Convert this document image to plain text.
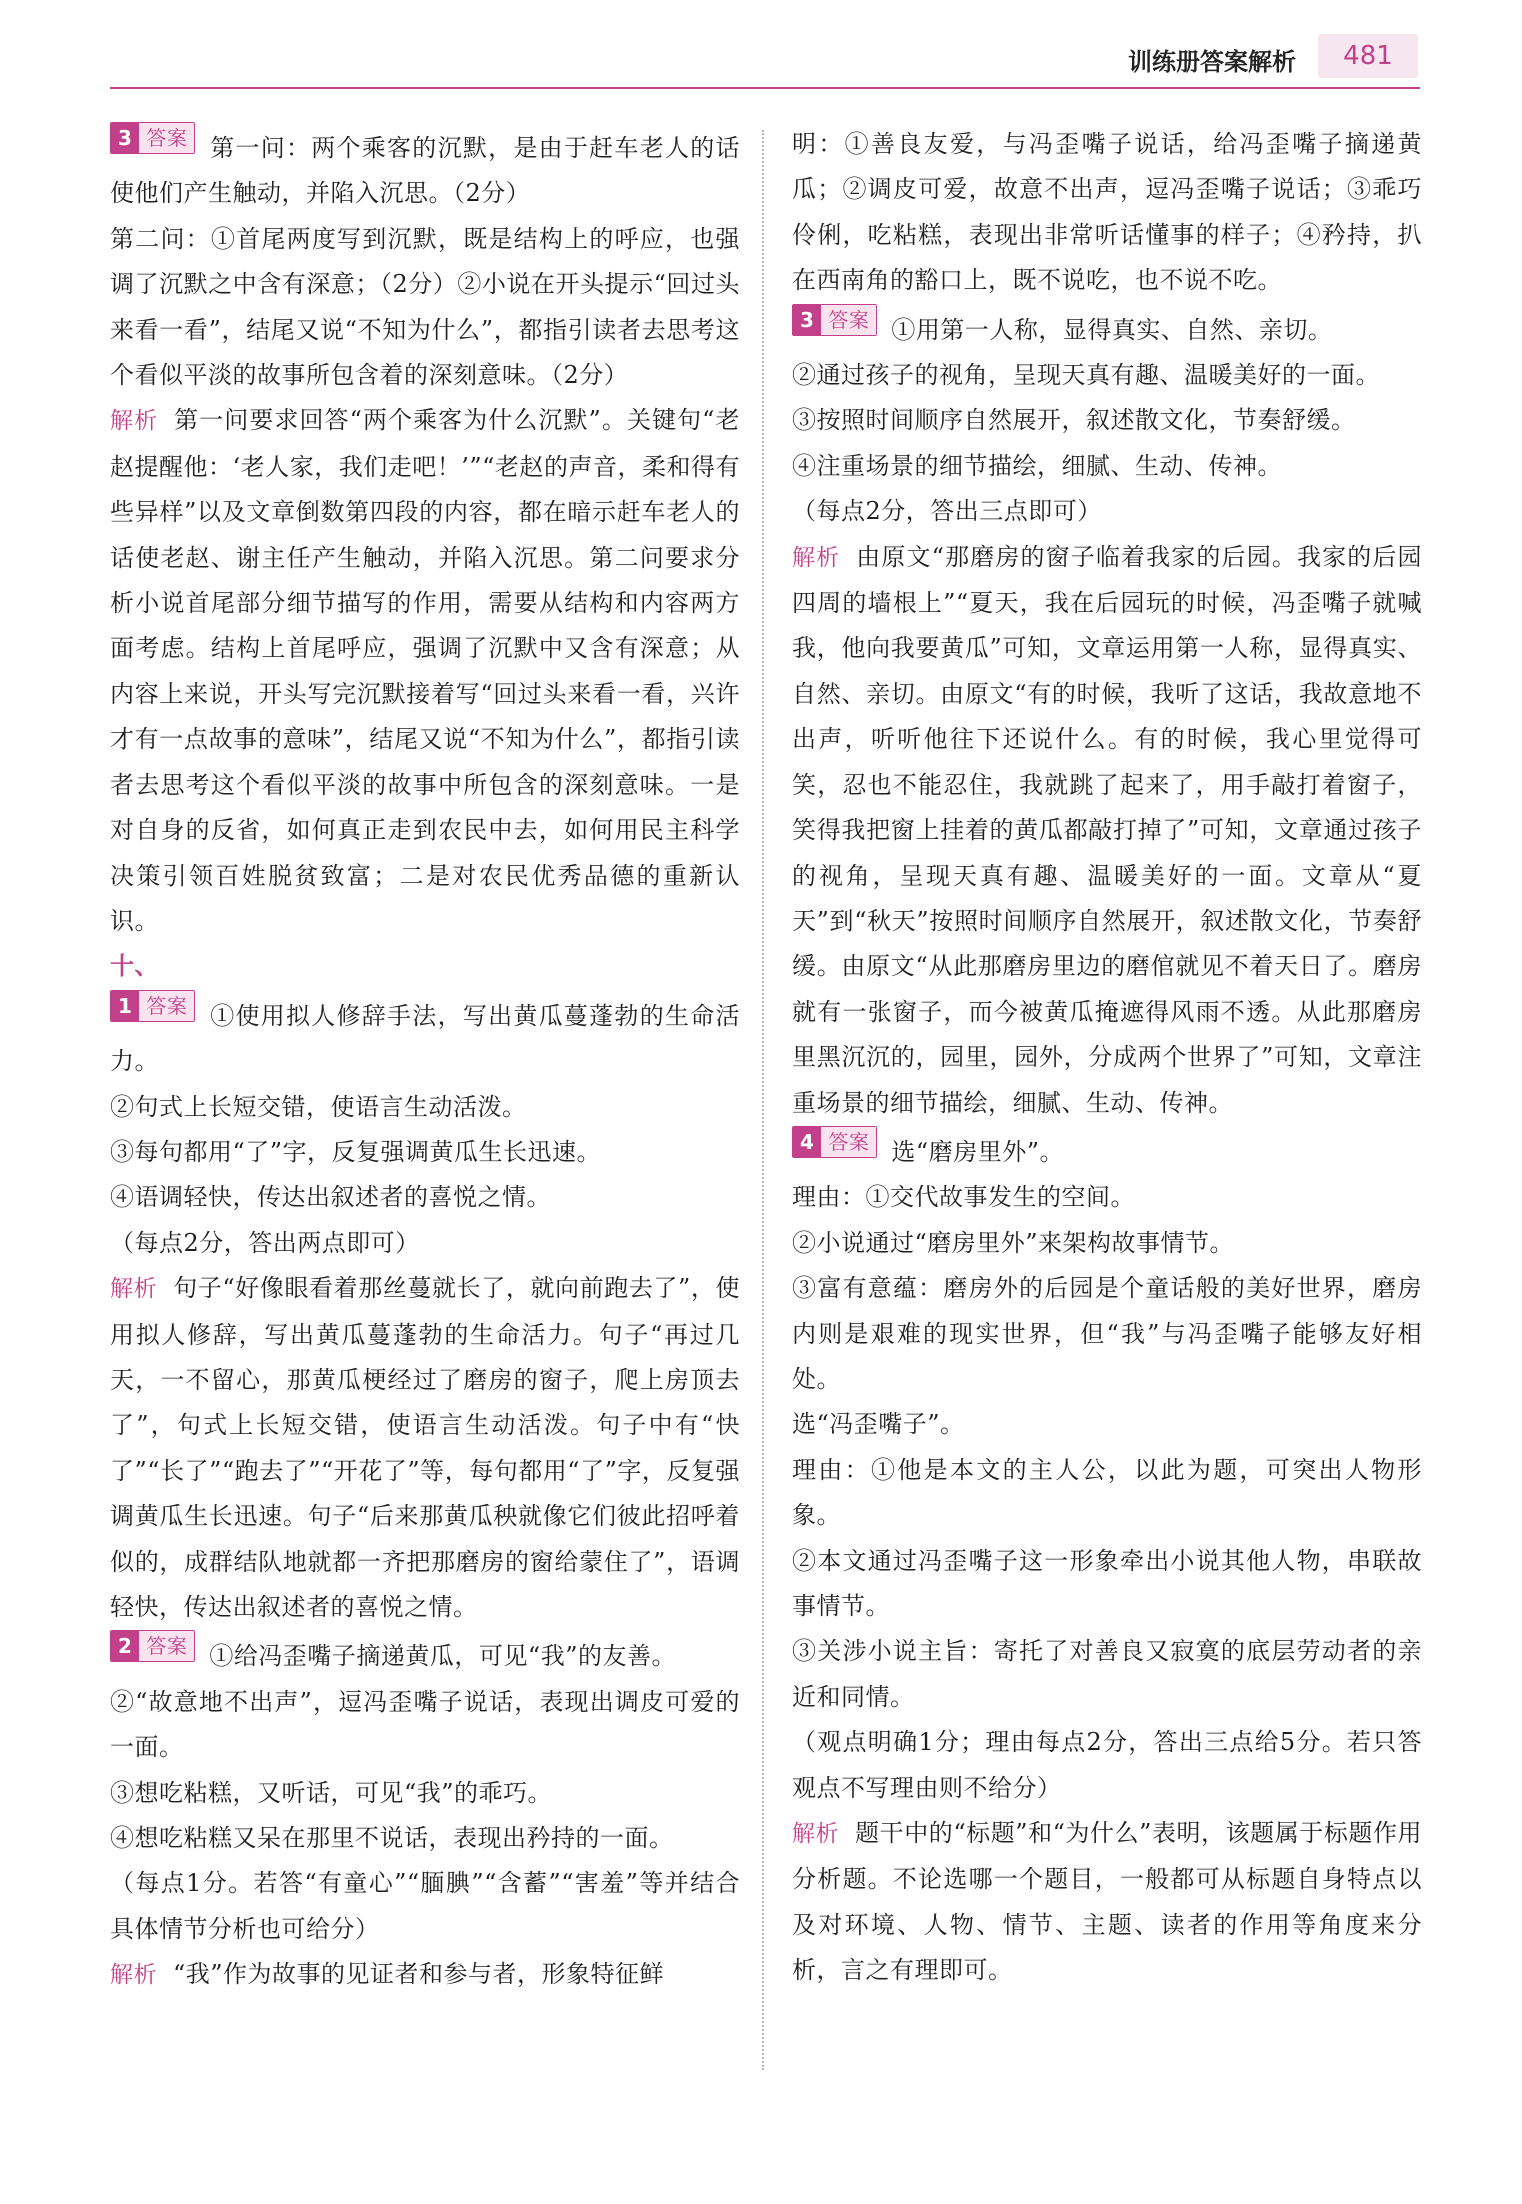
训练册答案解析	481

3 答案 第一问：两个乘客的沉默，是由于赶车老人的话使他们产生触动，并陷入沉思。（2分）

第二问：①首尾两度写到沉默，既是结构上的呼应，也强调了沉默之中含有深意；（2分）②小说在开头提示“回过头来看一看”，结尾又说“不知为什么”，都指引读者去思考这个看似平淡的故事所包含着的深刻意味。（2分）

解析 第一问要求回答“两个乘客为什么沉默”。关键句“老赵提醒他：‘老人家，我们走吧！’”“老赵的声音，柔和得有些异样”以及文章倒数第四段的内容，都在暗示赶车老人的话使老赵、谢主任产生触动，并陷入沉思。第二问要求分析小说首尾部分细节描写的作用，需要从结构和内容两方面考虑。结构上首尾呼应，强调了沉默中又含有深意；从内容上来说，开头写完沉默接着写“回过头来看一看，兴许才有一点故事的意味”，结尾又说“不知为什么”，都指引读者去思考这个看似平淡的故事中所包含的深刻意味。一是对自身的反省，如何真正走到农民中去，如何用民主科学决策引领百姓脱贫致富；二是对农民优秀品德的重新认识。

十、

1 答案 ①使用拟人修辞手法，写出黄瓜蔓蓬勃的生命活力。

②句式上长短交错，使语言生动活泼。

③每句都用“了”字，反复强调黄瓜生长迅速。

④语调轻快，传达出叙述者的喜悦之情。

（每点2分，答出两点即可）

解析 句子“好像眼看着那丝蔓就长了，就向前跑去了”，使用拟人修辞，写出黄瓜蔓蓬勃的生命活力。句子“再过几天，一不留心，那黄瓜梗经过了磨房的窗子，爬上房顶去了”，句式上长短交错，使语言生动活泼。句子中有“快了”“长了”“跑去了”“开花了”等，每句都用“了”字，反复强调黄瓜生长迅速。句子“后来那黄瓜秧就像它们彼此招呼着似的，成群结队地就都一齐把那磨房的窗给蒙住了”，语调轻快，传达出叙述者的喜悦之情。

2 答案 ①给冯歪嘴子摘递黄瓜，可见“我”的友善。

②“故意地不出声”，逗冯歪嘴子说话，表现出调皮可爱的一面。

③想吃粘糕，又听话，可见“我”的乖巧。

④想吃粘糕又呆在那里不说话，表现出矜持的一面。

（每点1分。若答“有童心”“腼腆”“含蓄”“害羞”等并结合具体情节分析也可给分）

解析 “我”作为故事的见证者和参与者，形象特征鲜

明：①善良友爱，与冯歪嘴子说话，给冯歪嘴子摘递黄瓜；②调皮可爱，故意不出声，逗冯歪嘴子说话；③乖巧伶俐，吃粘糕，表现出非常听话懂事的样子；④矜持，扒在西南角的豁口上，既不说吃，也不说不吃。

3 答案 ①用第一人称，显得真实、自然、亲切。

②通过孩子的视角，呈现天真有趣、温暖美好的一面。

③按照时间顺序自然展开，叙述散文化，节奏舒缓。

④注重场景的细节描绘，细腻、生动、传神。

（每点2分，答出三点即可）

解析 由原文“那磨房的窗子临着我家的后园。我家的后园四周的墙根上”“夏天，我在后园玩的时候，冯歪嘴子就喊我，他向我要黄瓜”可知，文章运用第一人称，显得真实、自然、亲切。由原文“有的时候，我听了这话，我故意地不出声，听听他往下还说什么。有的时候，我心里觉得可笑，忍也不能忍住，我就跳了起来了，用手敲打着窗子，笑得我把窗上挂着的黄瓜都敲打掉了”可知，文章通过孩子的视角，呈现天真有趣、温暖美好的一面。文章从“夏天”到“秋天”按照时间顺序自然展开，叙述散文化，节奏舒缓。由原文“从此那磨房里边的磨倌就见不着天日了。磨房就有一张窗子，而今被黄瓜掩遮得风雨不透。从此那磨房里黑沉沉的，园里，园外，分成两个世界了”可知，文章注重场景的细节描绘，细腻、生动、传神。

4 答案 选“磨房里外”。

理由：①交代故事发生的空间。

②小说通过“磨房里外”来架构故事情节。

③富有意蕴：磨房外的后园是个童话般的美好世界，磨房内则是艰难的现实世界，但“我”与冯歪嘴子能够友好相处。

选“冯歪嘴子”。

理由：①他是本文的主人公，以此为题，可突出人物形象。

②本文通过冯歪嘴子这一形象牵出小说其他人物，串联故事情节。

③关涉小说主旨：寄托了对善良又寂寞的底层劳动者的亲近和同情。

（观点明确1分；理由每点2分，答出三点给5分。若只答观点不写理由则不给分）

解析 题干中的“标题”和“为什么”表明，该题属于标题作用分析题。不论选哪一个题目，一般都可从标题自身特点以及对环境、人物、情节、主题、读者的作用等角度来分析，言之有理即可。
